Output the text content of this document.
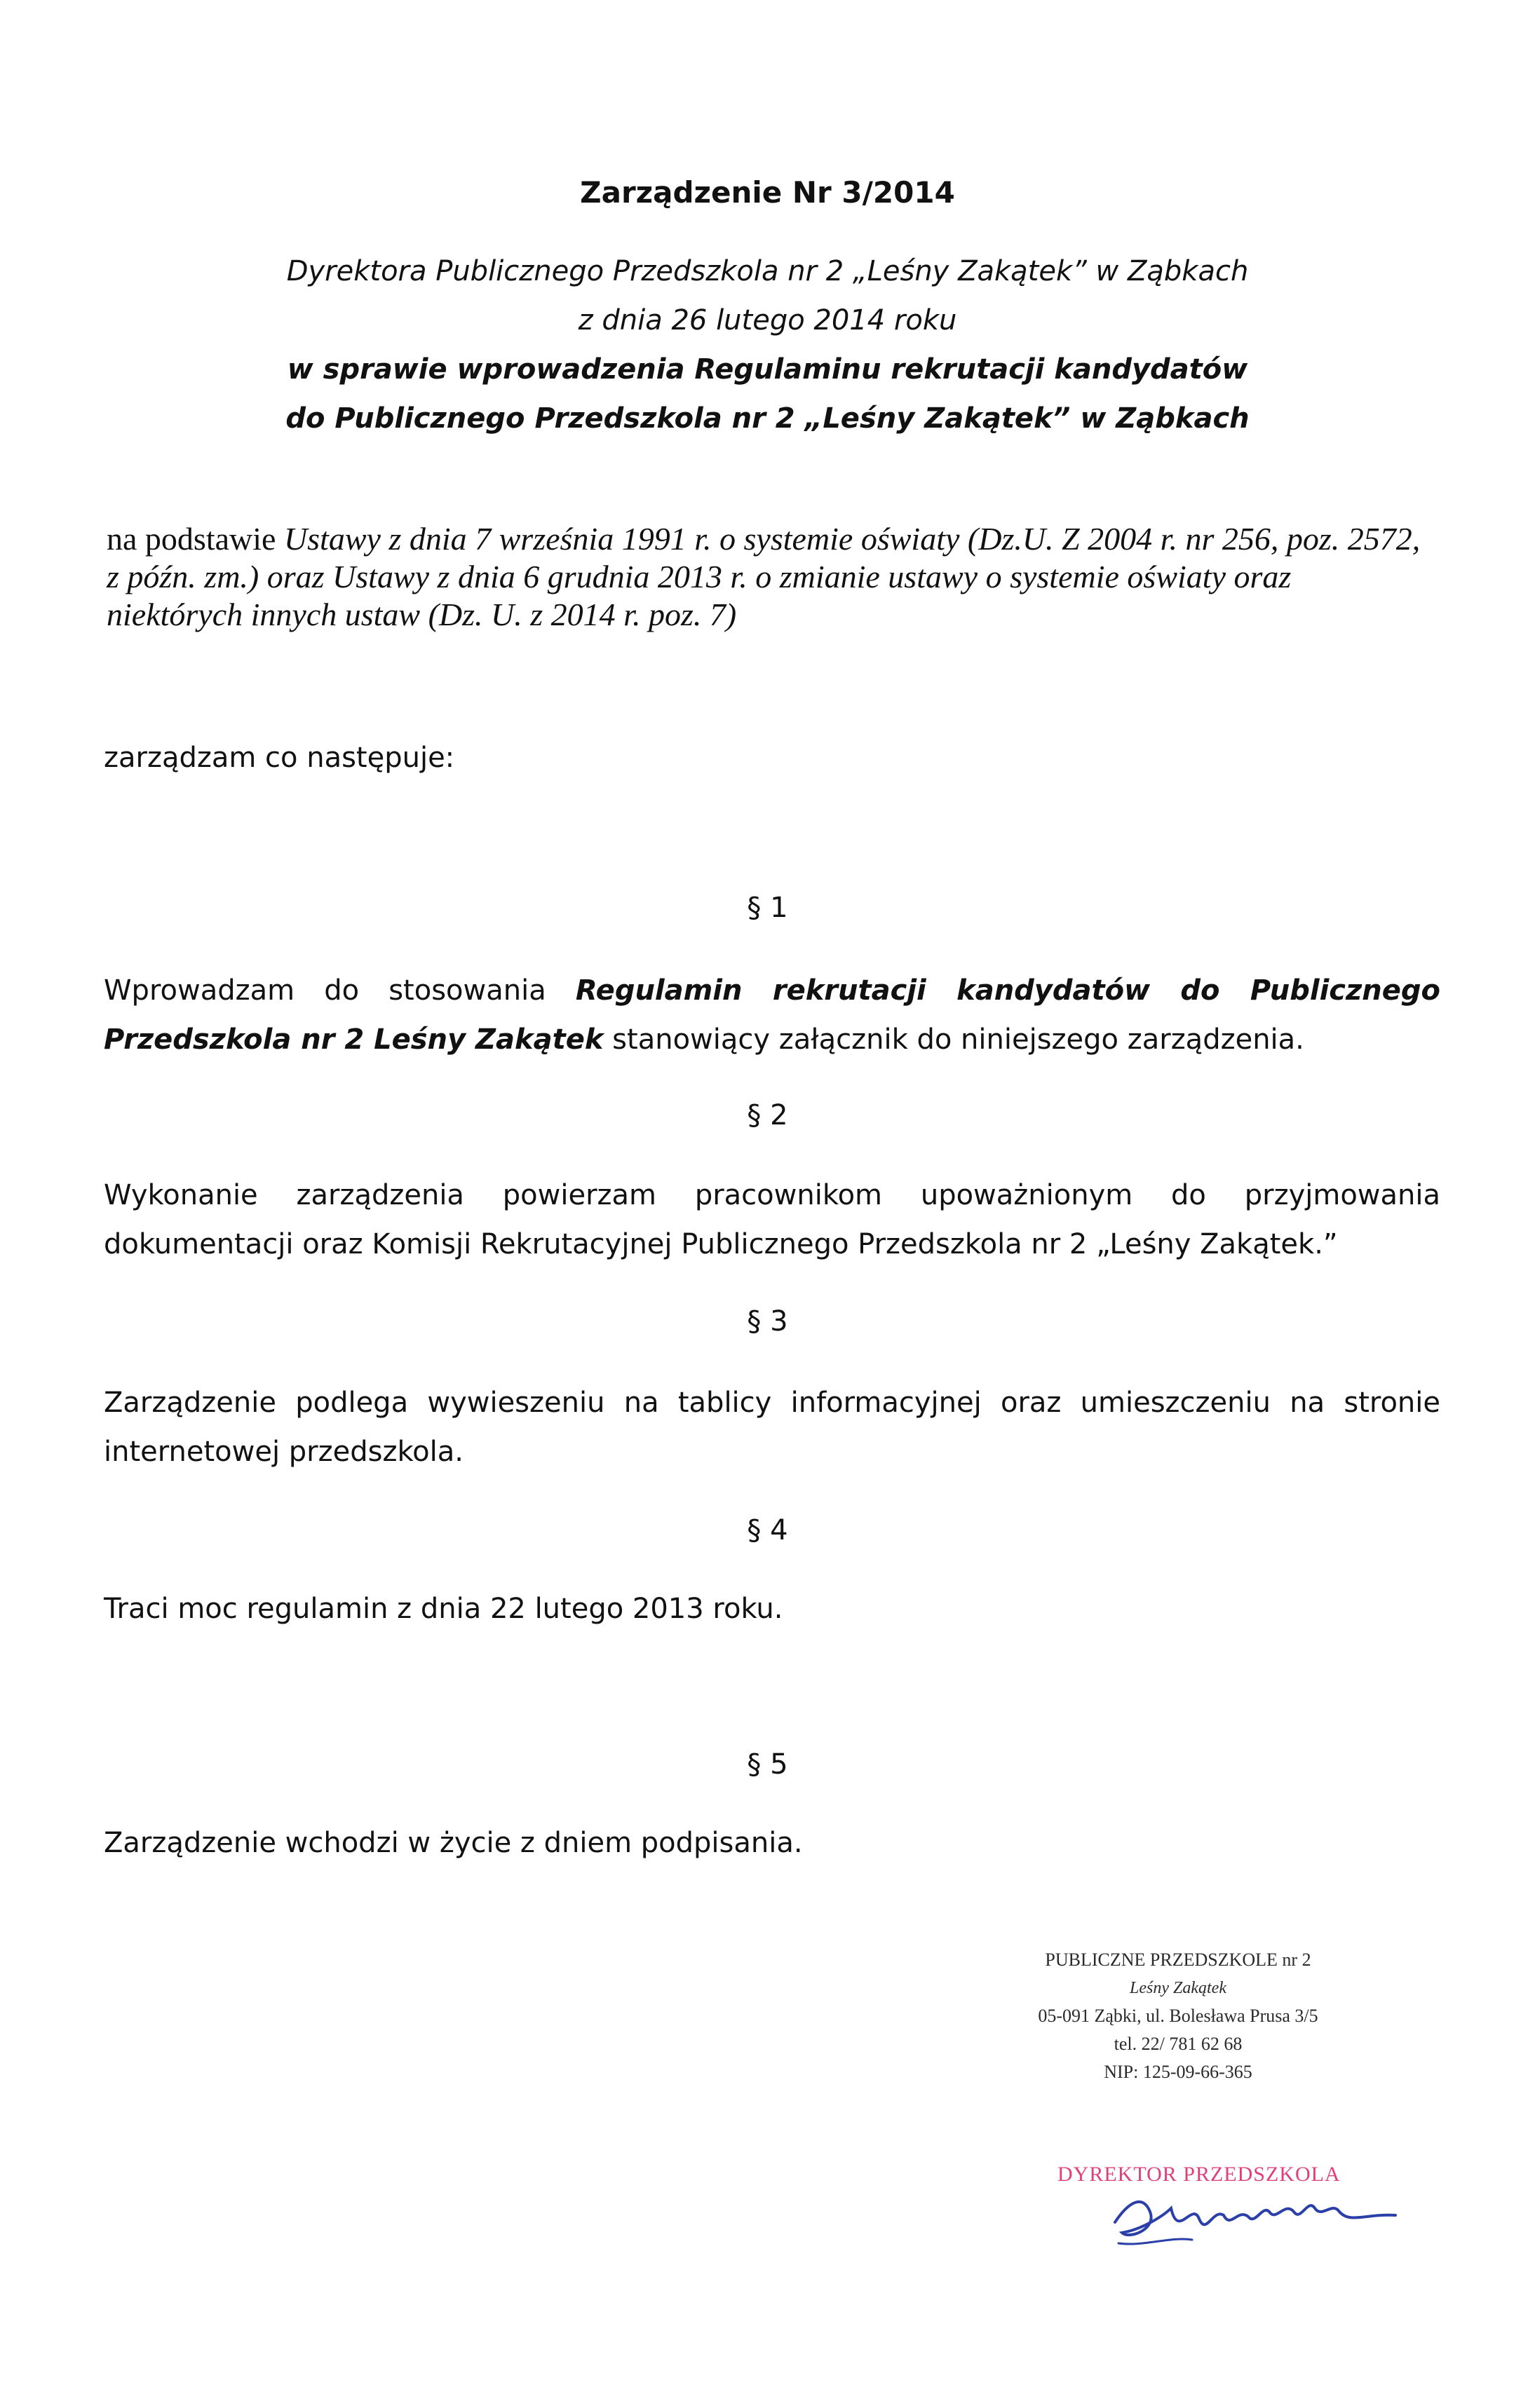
Zarządzenie Nr 3/2014
Dyrektora Publicznego Przedszkola nr 2 „Leśny Zakątek” w Ząbkach
z dnia 26 lutego 2014 roku
w sprawie wprowadzenia Regulaminu rekrutacji kandydatów
do Publicznego Przedszkola nr 2 „Leśny Zakątek” w Ząbkach
na podstawie Ustawy z dnia 7 września 1991 r. o systemie oświaty (Dz.U. Z 2004 r. nr 256, poz. 2572, z późn. zm.) oraz Ustawy z dnia 6 grudnia 2013 r. o zmianie ustawy o systemie oświaty oraz niektórych innych ustaw (Dz. U. z 2014 r. poz. 7)
zarządzam co następuje:
§ 1
Wprowadzam do stosowania Regulamin rekrutacji kandydatów do Publicznego Przedszkola nr 2 Leśny Zakątek stanowiący załącznik do niniejszego zarządzenia.
§ 2
Wykonanie zarządzenia powierzam pracownikom upoważnionym do przyjmowania dokumentacji oraz Komisji Rekrutacyjnej Publicznego Przedszkola nr 2 „Leśny Zakątek.”
§ 3
Zarządzenie podlega wywieszeniu na tablicy informacyjnej oraz umieszczeniu na stronie internetowej przedszkola.
§ 4
Traci moc regulamin z dnia 22 lutego 2013 roku.
§ 5
Zarządzenie wchodzi w życie z dniem podpisania.
PUBLICZNE PRZEDSZKOLE nr 2
Leśny Zakątek
05-091 Ząbki, ul. Bolesława Prusa 3/5
tel. 22/ 781 62 68
NIP: 125-09-66-365
DYREKTOR PRZEDSZKOLA
